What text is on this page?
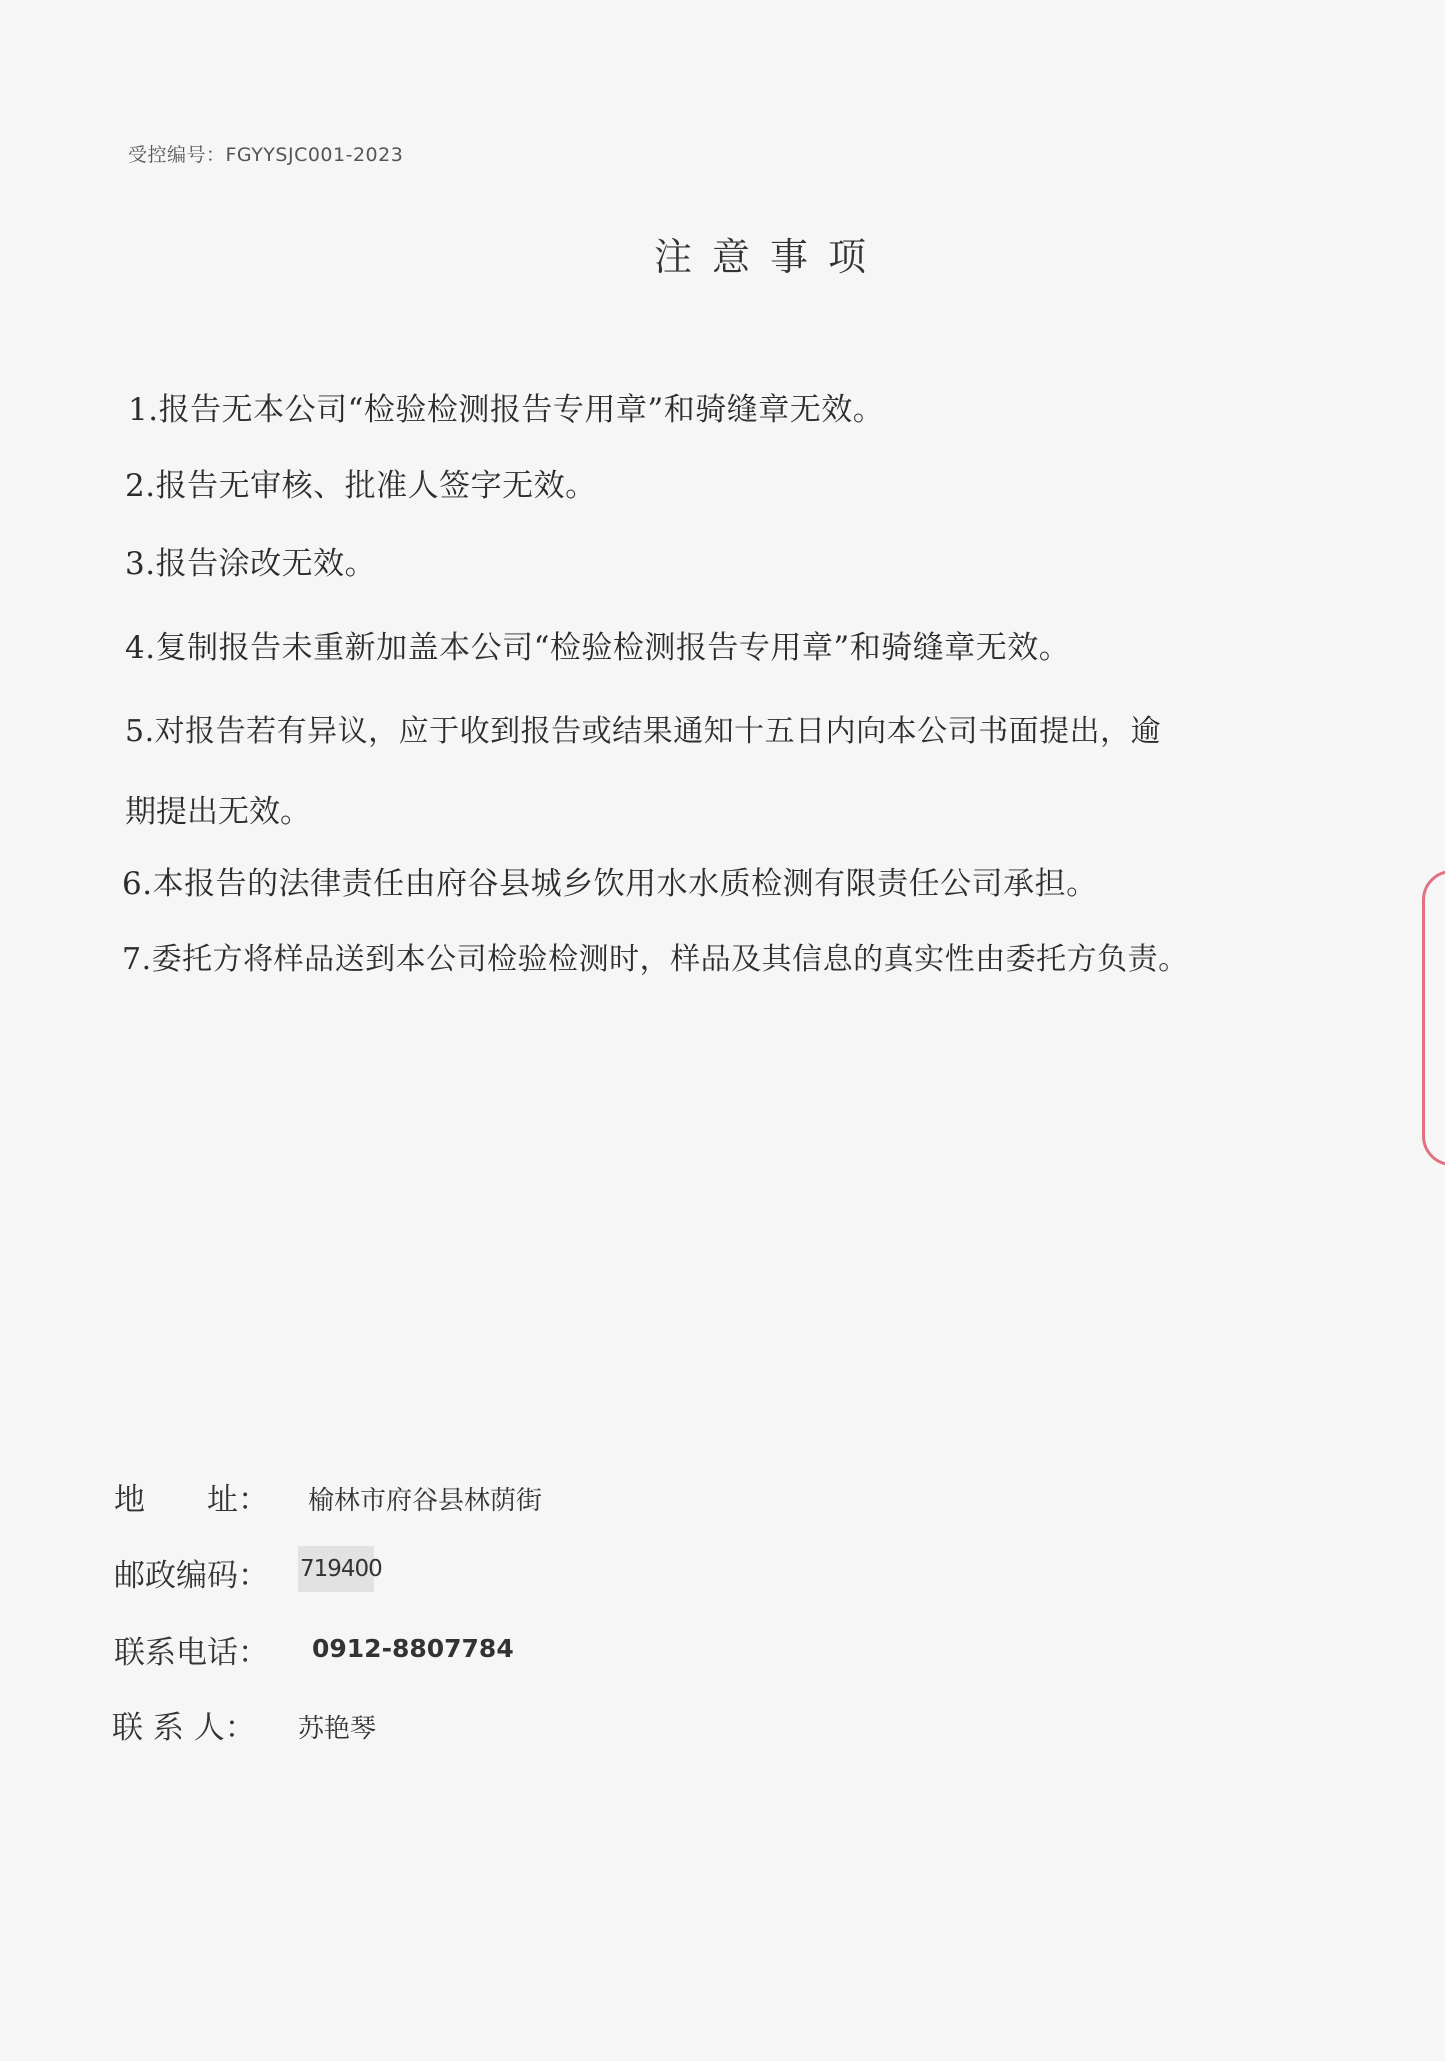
受控编号：FGYYSJC001-2023
注意事项
1.报告无本公司“检验检测报告专用章”和骑缝章无效。
2.报告无审核、批准人签字无效。
3.报告涂改无效。
4.复制报告未重新加盖本公司“检验检测报告专用章”和骑缝章无效。
5.对报告若有异议，应于收到报告或结果通知十五日内向本公司书面提出，逾
期提出无效。
6.本报告的法律责任由府谷县城乡饮用水水质检测有限责任公司承担。
7.委托方将样品送到本公司检验检测时，样品及其信息的真实性由委托方负责。
地　　址： 榆林市府谷县林荫街
邮政编码： 719400
联系电话： 0912-8807784
联 系 人： 苏艳琴
